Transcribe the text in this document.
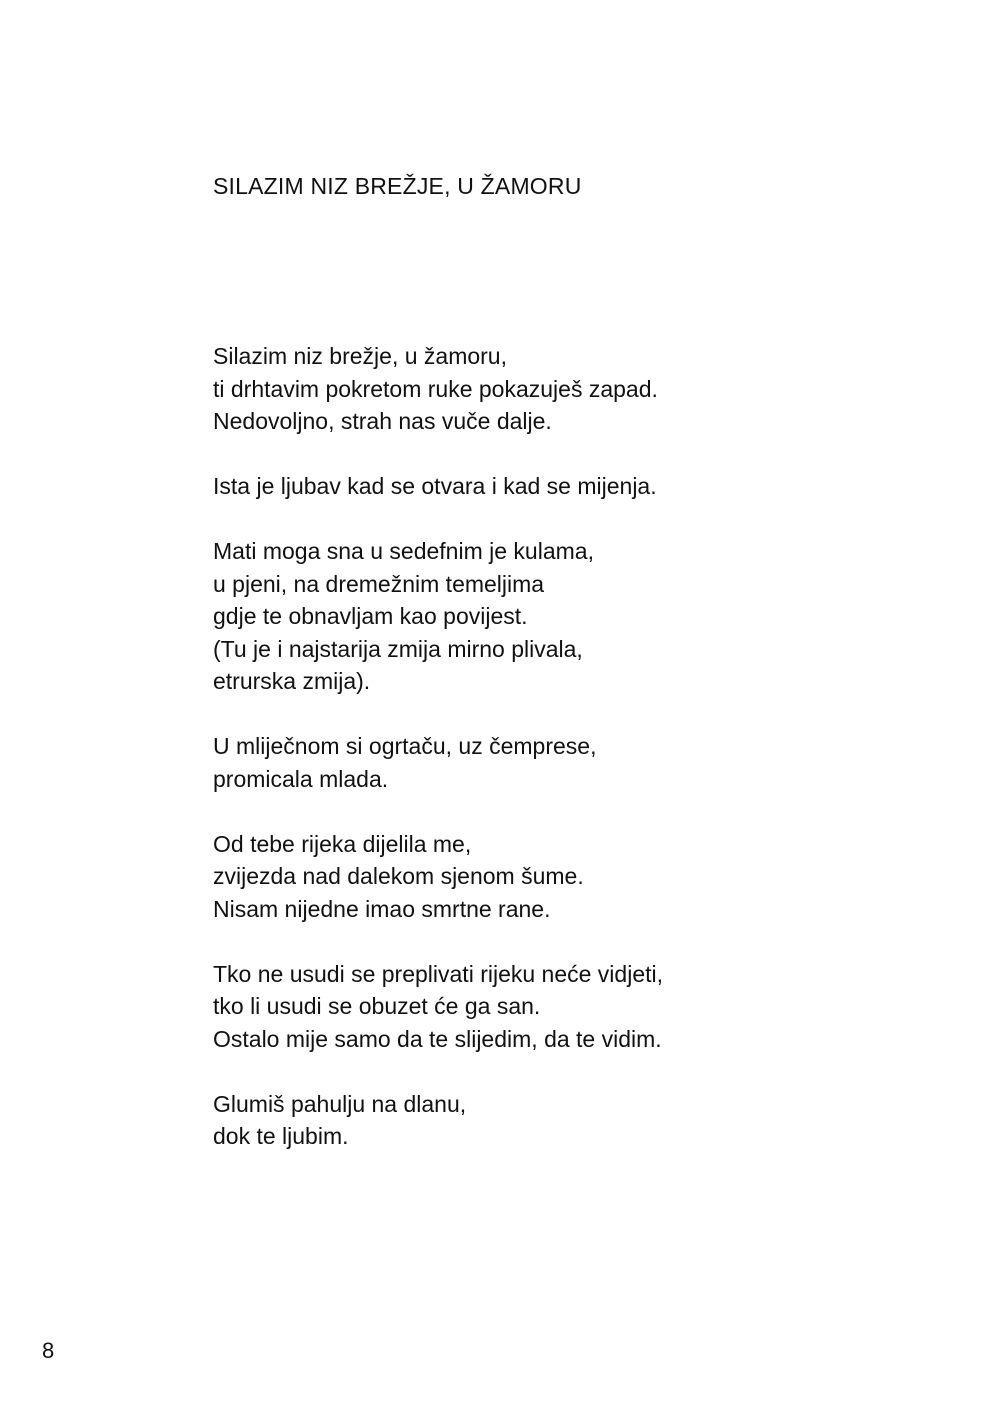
SILAZIM NIZ BREŽJE, U ŽAMORU
Silazim niz brežje, u žamoru,
ti drhtavim pokretom ruke pokazuješ zapad.
Nedovoljno, strah nas vuče dalje.
Ista je ljubav kad se otvara i kad se mijenja.
Mati moga sna u sedefnim je kulama,
u pjeni, na dremežnim temeljima
gdje te obnavljam kao povijest.
(Tu je i najstarija zmija mirno plivala,
etrurska zmija).
U mliječnom si ogrtaču, uz čemprese,
promicala mlada.
Od tebe rijeka dijelila me,
zvijezda nad dalekom sjenom šume.
Nisam nijedne imao smrtne rane.
Tko ne usudi se preplivati rijeku neće vidjeti,
tko li usudi se obuzet će ga san.
Ostalo mije samo da te slijedim, da te vidim.
Glumiš pahulju na dlanu,
dok te ljubim.
8
